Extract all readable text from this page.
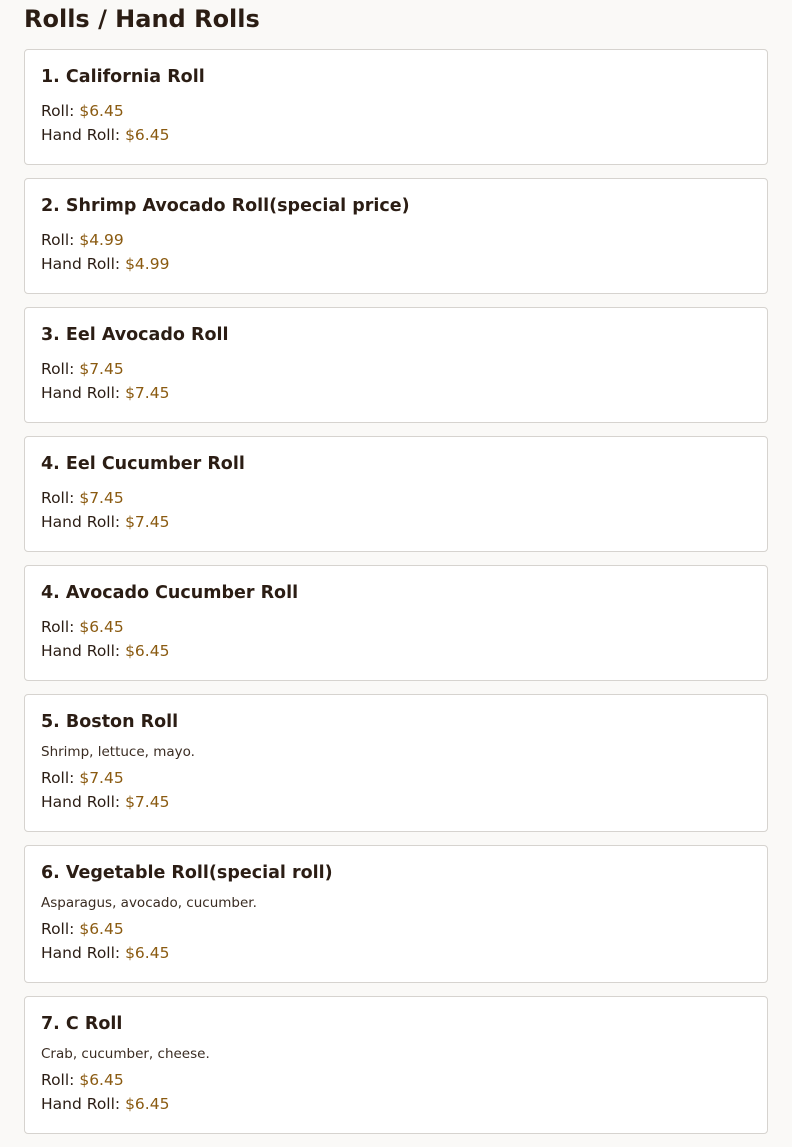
Rolls / Hand Rolls
1. California Roll
Roll: $6.45
Hand Roll: $6.45
2. Shrimp Avocado Roll(special price)
Roll: $4.99
Hand Roll: $4.99
3. Eel Avocado Roll
Roll: $7.45
Hand Roll: $7.45
4. Eel Cucumber Roll
Roll: $7.45
Hand Roll: $7.45
4. Avocado Cucumber Roll
Roll: $6.45
Hand Roll: $6.45
5. Boston Roll

Shrimp, lettuce, mayo.

Roll: $7.45
Hand Roll: $7.45
6. Vegetable Roll(special roll)

Asparagus, avocado, cucumber.

Roll: $6.45
Hand Roll: $6.45
7. C Roll

Crab, cucumber, cheese.

Roll: $6.45
Hand Roll: $6.45
